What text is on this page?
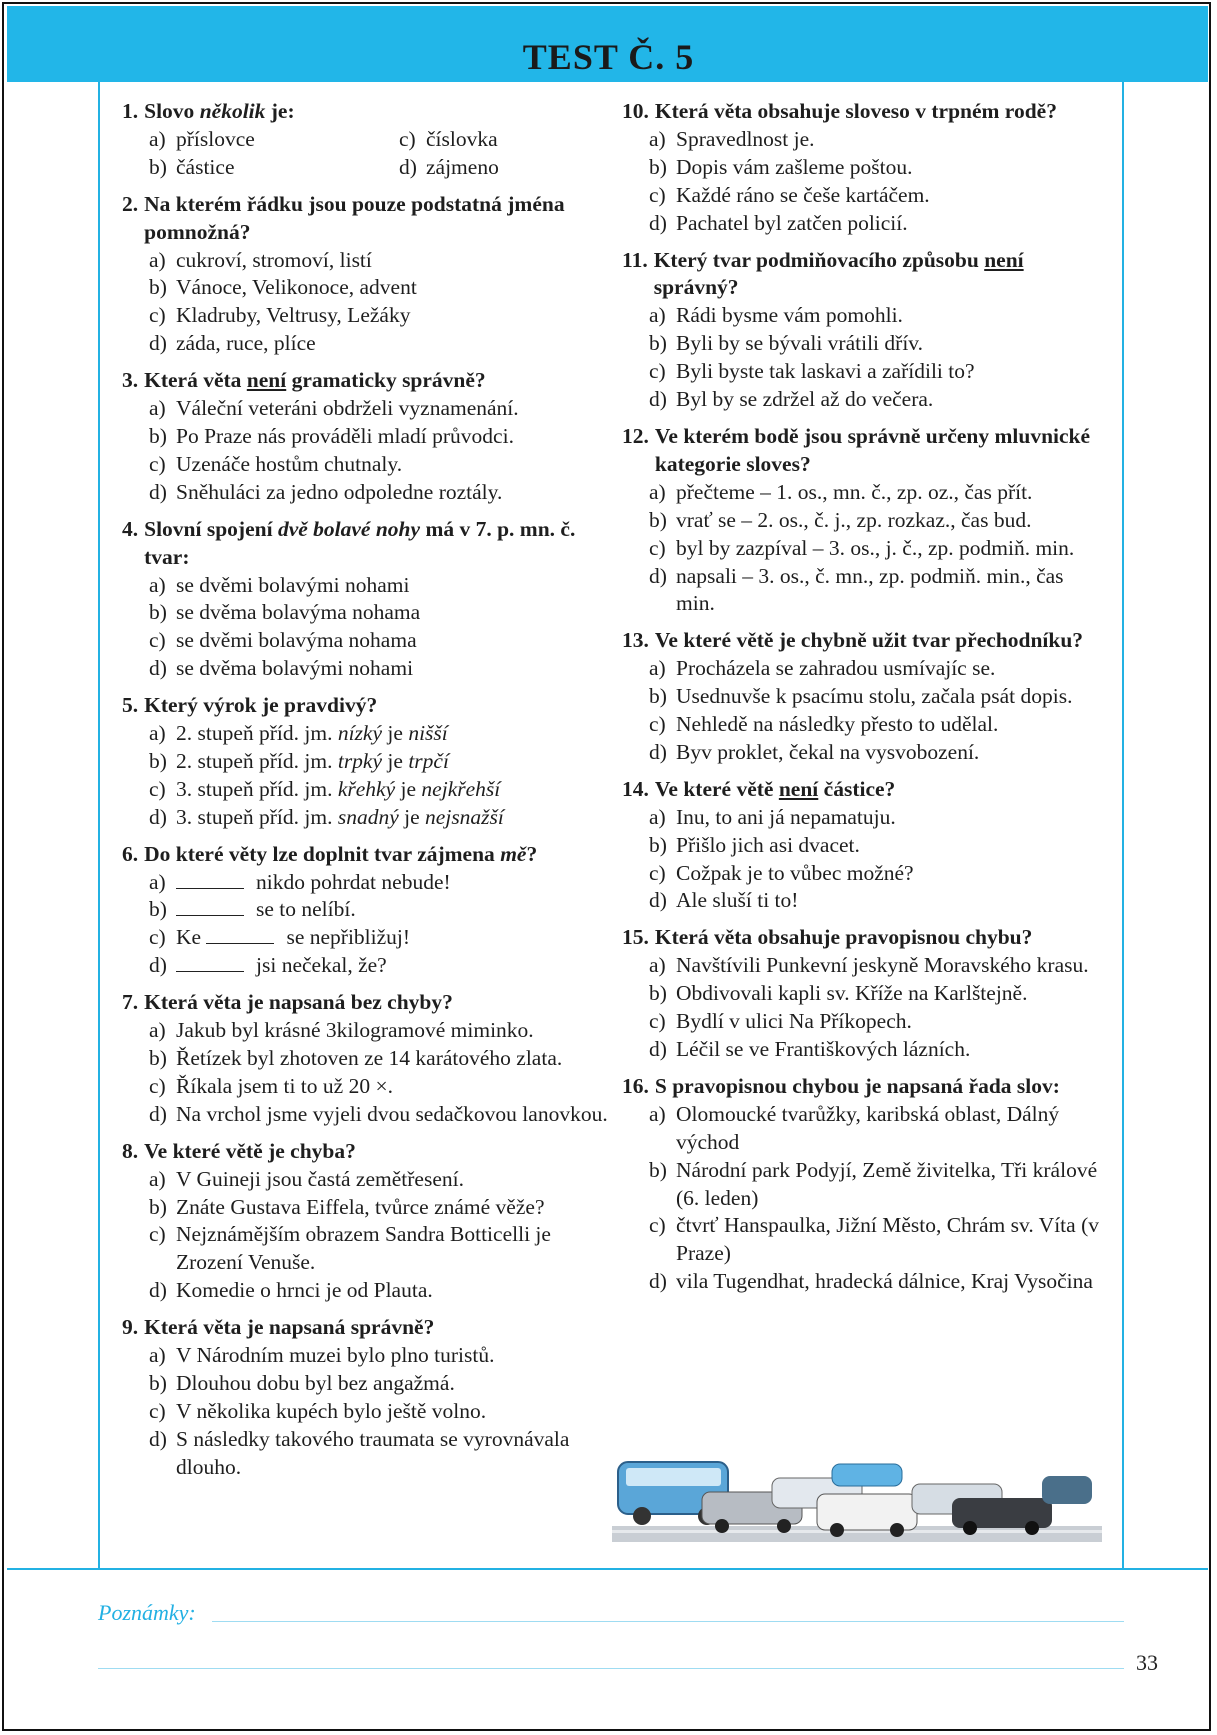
TEST Č. 5
1. Slovo několik je:
a) příslovce	c) číslovka
b) částice	d) zájmeno
2. Na kterém řádku jsou pouze podstatná jména pomnožná?
a) cukroví, stromoví, listí
b) Vánoce, Velikonoce, advent
c) Kladruby, Veltrusy, Ležáky
d) záda, ruce, plíce
3. Která věta není gramaticky správně?
a) Váleční veteráni obdrželi vyznamenání.
b) Po Praze nás prováděli mladí průvodci.
c) Uzenáče hostům chutnaly.
d) Sněhuláci za jedno odpoledne roztály.
4. Slovní spojení dvě bolavé nohy má v 7. p. mn. č. tvar:
a) se dvěmi bolavými nohami
b) se dvěma bolavýma nohama
c) se dvěmi bolavýma nohama
d) se dvěma bolavými nohami
5. Který výrok je pravdivý?
a) 2. stupeň příd. jm. nízký je nišší
b) 2. stupeň příd. jm. trpký je trpčí
c) 3. stupeň příd. jm. křehký je nejkřehší
d) 3. stupeň příd. jm. snadný je nejsnažší
6. Do které věty lze doplnit tvar zájmena mě?
a)	nikdo pohrdat nebude!
b)	se to nelíbí.
c) Ke	se nepřibližuj!
d)	jsi nečekal, že?
7. Která věta je napsaná bez chyby?
a) Jakub byl krásné 3kilogramové miminko.
b) Řetízek byl zhotoven ze 14 karátového zlata.
c) Říkala jsem ti to už 20 ×.
d) Na vrchol jsme vyjeli dvou sedačkovou lanovkou.
8. Ve které větě je chyba?
a) V Guineji jsou častá zemětřesení.
b) Znáte Gustava Eiffela, tvůrce známé věže?
c) Nejznámějším obrazem Sandra Botticelli je Zrození Venuše.
d) Komedie o hrnci je od Plauta.
9. Která věta je napsaná správně?
a) V Národním muzei bylo plno turistů.
b) Dlouhou dobu byl bez angažmá.
c) V několika kupéch bylo ještě volno.
d) S následky takového traumata se vyrovnávala dlouho.
10. Která věta obsahuje sloveso v trpném rodě?
a) Spravedlnost je.
b) Dopis vám zašleme poštou.
c) Každé ráno se češe kartáčem.
d) Pachatel byl zatčen policií.
11. Který tvar podmiňovacího způsobu není správný?
a) Rádi bysme vám pomohli.
b) Byli by se bývali vrátili dřív.
c) Byli byste tak laskavi a zařídili to?
d) Byl by se zdržel až do večera.
12. Ve kterém bodě jsou správně určeny mluvnické kategorie sloves?
a) přečteme – 1. os., mn. č., zp. oz., čas přít.
b) vrať se – 2. os., č. j., zp. rozkaz., čas bud.
c) byl by zazpíval – 3. os., j. č., zp. podmiň. min.
d) napsali – 3. os., č. mn., zp. podmiň. min., čas min.
13. Ve které větě je chybně užit tvar přechodníku?
a) Procházela se zahradou usmívajíc se.
b) Usednuvše k psacímu stolu, začala psát dopis.
c) Nehledě na následky přesto to udělal.
d) Byv proklet, čekal na vysvobození.
14. Ve které větě není částice?
a) Inu, to ani já nepamatuju.
b) Přišlo jich asi dvacet.
c) Cožpak je to vůbec možné?
d) Ale sluší ti to!
15. Která věta obsahuje pravopisnou chybu?
a) Navštívili Punkevní jeskyně Moravského krasu.
b) Obdivovali kapli sv. Kříže na Karlštejně.
c) Bydlí v ulici Na Příkopech.
d) Léčil se ve Františkových lázních.
16. S pravopisnou chybou je napsaná řada slov:
a) Olomoucké tvarůžky, karibská oblast, Dálný východ
b) Národní park Podyjí, Země živitelka, Tři králové (6. leden)
c) čtvrť Hanspaulka, Jižní Město, Chrám sv. Víta (v Praze)
d) vila Tugendhat, hradecká dálnice, Kraj Vysočina
Poznámky:
33
